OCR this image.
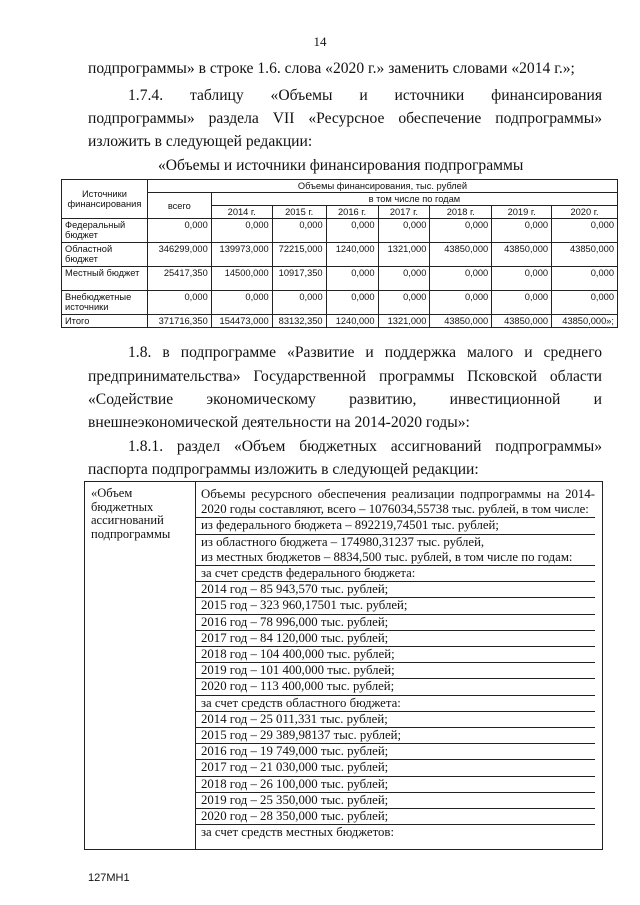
14
подпрограммы» в строке 1.6. слова «2020 г.» заменить словами «2014 г.»;
1.7.4. таблицу «Объемы и источники финансирования
подпрограммы» раздела VII «Ресурсное обеспечение подпрограммы»
изложить в следующей редакции:
«Объемы и источники финансирования подпрограммы
Источники финансирования	Объемы финансирования, тыс. рублей							
	всего	в том числе по годам						
		2014 г.	2015 г.	2016 г.	2017 г.	2018 г.	2019 г.	2020 г.
Федеральный бюджет	0,000	0,000	0,000	0,000	0,000	0,000	0,000	0,000
Областной бюджет	346299,000	139973,000	72215,000	1240,000	1321,000	43850,000	43850,000	43850,000
Местный бюджет	25417,350	14500,000	10917,350	0,000	0,000	0,000	0,000	0,000
Внебюджетные источники	0,000	0,000	0,000	0,000	0,000	0,000	0,000	0,000
Итого	371716,350	154473,000	83132,350	1240,000	1321,000	43850,000	43850,000	43850,000»;
1.8. в подпрограмме «Развитие и поддержка малого и среднего
предпринимательства» Государственной программы Псковской области
«Содействие экономическому развитию, инвестиционной и
внешнеэкономической деятельности на 2014-2020 годы»:
1.8.1. раздел «Объем бюджетных ассигнований подпрограммы»
паспорта подпрограммы изложить в следующей редакции:
«Объем бюджетных ассигнований подпрограммы
Объемы ресурсного обеспечения реализации подпрограммы на 2014-2020 годы составляют, всего – 1076034,55738 тыс. рублей, в том числе:
из федерального бюджета – 892219,74501 тыс. рублей;
из областного бюджета – 174980,31237 тыс. рублей,
из местных бюджетов – 8834,500 тыс. рублей, в том числе по годам:
за счет средств федерального бюджета:
2014 год – 85 943,570 тыс. рублей;
2015 год – 323 960,17501 тыс. рублей;
2016 год – 78 996,000 тыс. рублей;
2017 год – 84 120,000 тыс. рублей;
2018 год – 104 400,000 тыс. рублей;
2019 год – 101 400,000 тыс. рублей;
2020 год – 113 400,000 тыс. рублей;
за счет средств областного бюджета:
2014 год – 25 011,331 тыс. рублей;
2015 год – 29 389,98137 тыс. рублей;
2016 год – 19 749,000 тыс. рублей;
2017 год – 21 030,000 тыс. рублей;
2018 год – 26 100,000 тыс. рублей;
2019 год – 25 350,000 тыс. рублей;
2020 год – 28 350,000 тыс. рублей;
за счет средств местных бюджетов:
127МН1
